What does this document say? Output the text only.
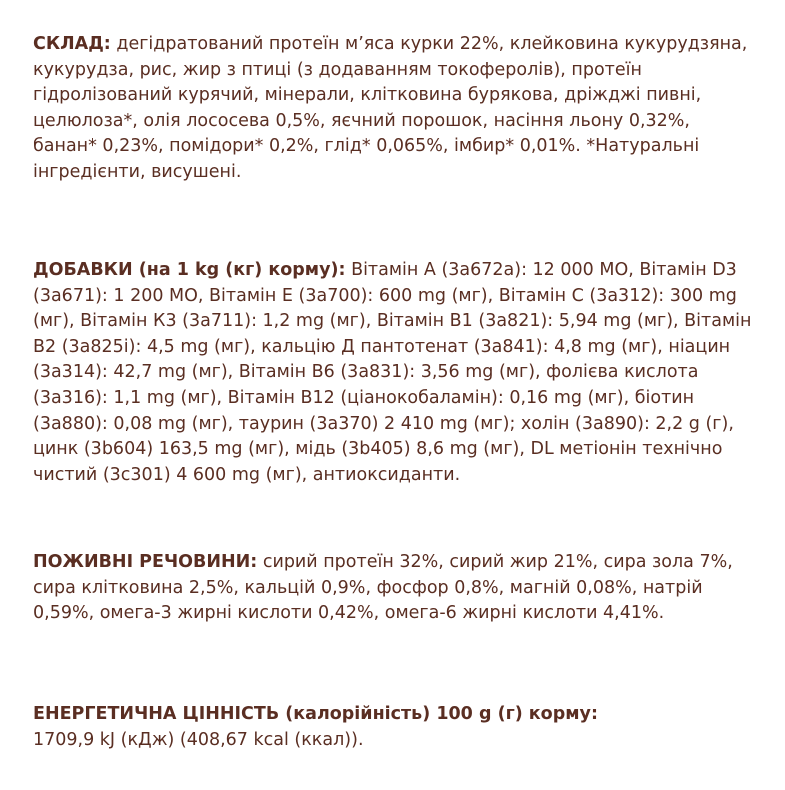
СКЛАД: дегідратований протеїн м’яса курки 22%, клейковина кукурудзяна, кукурудза, рис, жир з птиці (з додаванням токоферолів), протеїн гідролізований курячий, мінерали, клітковина бурякова, дріжджі пивні, целюлоза*, олія лососева 0,5%, яєчний порошок, насіння льону 0,32%, банан* 0,23%, помідори* 0,2%, глід* 0,065%, імбир* 0,01%. *Натуральні інгредієнти, висушені.

ДОБАВКИ (на 1 kg (кг) корму): Вітамін А (3а672а): 12 000 МО, Вітамін D3 (3а671): 1 200 МО, Вітамін Е (3а700): 600 mg (мг), Вітамін С (3а312): 300 mg (мг), Вітамін К3 (3а711): 1,2 mg (мг), Вітамін В1 (3а821): 5,94 mg (мг), Вітамін В2 (3а825і): 4,5 mg (мг), кальцію Д пантотенат (3а841): 4,8 mg (мг), ніацин (3а314): 42,7 mg (мг), Вітамін В6 (3а831): 3,56 mg (мг), фолієва кислота (3а316): 1,1 mg (мг), Вітамін В12 (ціанокобаламін): 0,16 mg (мг), біотин (3а880): 0,08 mg (мг), таурин (3а370) 2 410 mg (мг); холін (3а890): 2,2 g (г), цинк (3b604) 163,5 mg (мг), мідь (3b405) 8,6 mg (мг), DL метіонін технічно чистий (3с301) 4 600 mg (мг), антиоксиданти.

ПОЖИВНІ РЕЧОВИНИ: сирий протеїн 32%, сирий жир 21%, сира зола 7%, сира клітковина 2,5%, кальцій 0,9%, фосфор 0,8%, магній 0,08%, натрій 0,59%, омега-3 жирні кислоти 0,42%, омега-6 жирні кислоти 4,41%.

ЕНЕРГЕТИЧНА ЦІННІСТЬ (калорійність) 100 g (г) корму:
1709,9 kJ (кДж) (408,67 kcal (ккал)).
